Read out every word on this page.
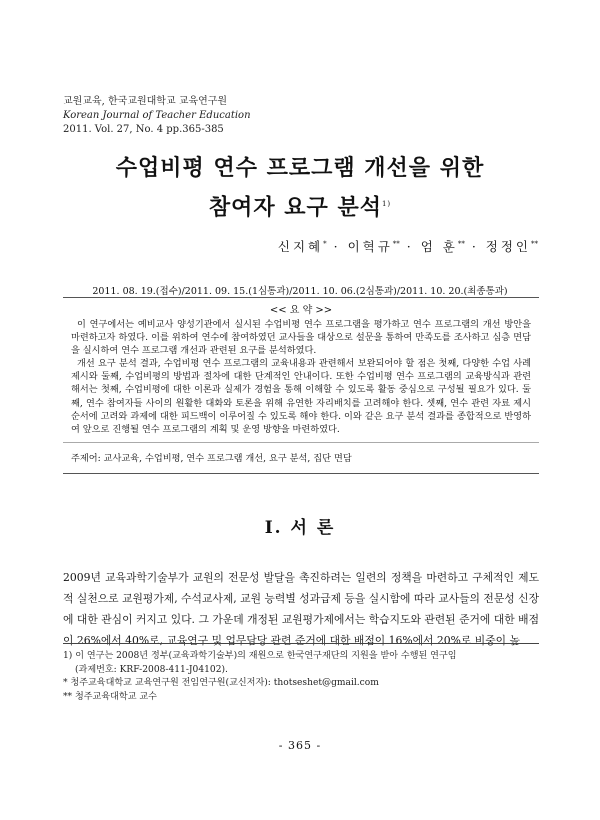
교원교육, 한국교원대학교 교육연구원
Korean Journal of Teacher Education
2011. Vol. 27, No. 4 pp.365-385
수업비평 연수 프로그램 개선을 위한
참여자 요구 분석$^{1)}$
신지혜* · 이혁규** · 엄 훈** · 정정인**
2011. 08. 19.(접수)/2011. 09. 15.(1심통과)/2011. 10. 06.(2심통과)/2011. 10. 20.(최종통과)
<< 요 약 >>

이 연구에서는 예비교사 양성기관에서 실시된 수업비평 연수 프로그램을 평가하고 연수 프로그램의 개선 방안을 마련하고자 하였다. 이를 위하여 연수에 참여하였던 교사들을 대상으로 설문을 통하여 만족도를 조사하고 심층 면담을 실시하여 연수 프로그램 개선과 관련된 요구를 분석하였다.

개선 요구 분석 결과, 수업비평 연수 프로그램의 교육내용과 관련해서 보완되어야 할 점은 첫째, 다양한 수업 사례 제시와 둘째, 수업비평의 방법과 절차에 대한 단계적인 안내이다. 또한 수업비평 연수 프로그램의 교육방식과 관련해서는 첫째, 수업비평에 대한 이론과 실제가 경험을 통해 이해할 수 있도록 활동 중심으로 구성될 필요가 있다. 둘째, 연수 참여자들 사이의 원활한 대화와 토론을 위해 유연한 자리배치를 고려해야 한다. 셋째, 연수 관련 자료 제시 순서에 고려와 과제에 대한 피드백이 이루어질 수 있도록 해야 한다. 이와 같은 요구 분석 결과를 종합적으로 반영하여 앞으로 진행될 연수 프로그램의 계획 및 운영 방향을 마련하였다.

주제어: 교사교육, 수업비평, 연수 프로그램 개선, 요구 분석, 집단 면담
I. 서 론

2009년 교육과학기술부가 교원의 전문성 발달을 촉진하려는 일련의 정책을 마련하고 구체적인 제도적 실천으로 교원평가제, 수석교사제, 교원 능력별 성과급제 등을 실시함에 따라 교사들의 전문성 신장에 대한 관심이 커지고 있다. 그 가운데 개정된 교원평가제에서는 학습지도와 관련된 준거에 대한 배점이 26%에서 40%로, 교육연구 및 업무담당 관련 준거에 대한 배점이 16%에서 20%로 비중이 높

1) 이 연구는 2008년 정부(교육과학기술부)의 재원으로 한국연구재단의 지원을 받아 수행된 연구임
(과제번호: KRF-2008-411-J04102).
* 청주교육대학교 교육연구원 전임연구원(교신저자): thotseshet@gmail.com
** 청주교육대학교 교수
- 365 -
